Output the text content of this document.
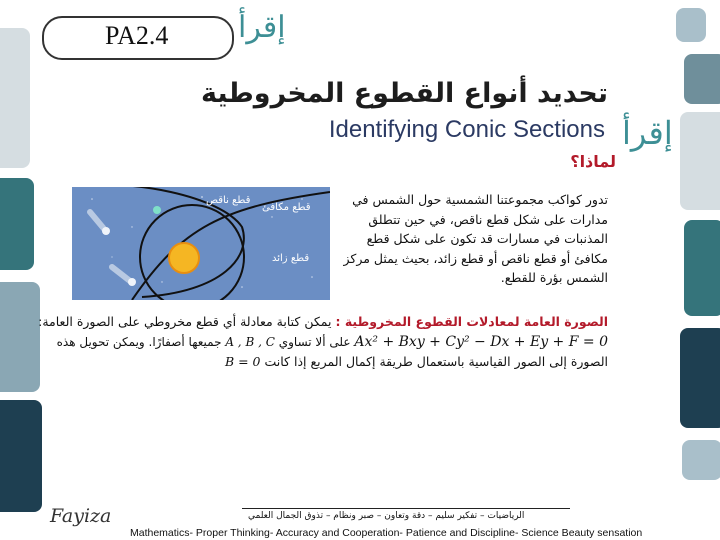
PA2.4 إقرأ
إقرأ
تحديد أنواع القطوع المخروطية
Identifying Conic Sections
لماذا؟
قطع ناقص
قطع مكافئ
قطع زائد
تدور كواكب مجموعتنا الشمسية حول الشمس في مدارات على شكل قطع ناقص، في حين تتطلق المذنبات في مسارات قد تكون على شكل قطع مكافئ أو قطع ناقص أو قطع زائد، بحيث يمثل مركز الشمس بؤرة للقطع.
الصورة العامة لمعادلات القطوع المخروطية : يمكن كتابة معادلة أي قطع مخروطي على الصورة العامة:
Ax² + Bxy + Cy² − Dx + Ey + F = 0 على ألا تساوي A , B , C جميعها أصفارًا. ويمكن تحويل هذه
الصورة إلى الصور القياسية باستعمال طريقة إكمال المربع إذا كانت B = 0
Fayiza	الرياضيات – تفكير سليم – دقة وتعاون – صبر ونظام – تذوق الجمال العلمي
Mathematics- Proper Thinking- Accuracy and Cooperation- Patience and Discipline- Science Beauty sensation
